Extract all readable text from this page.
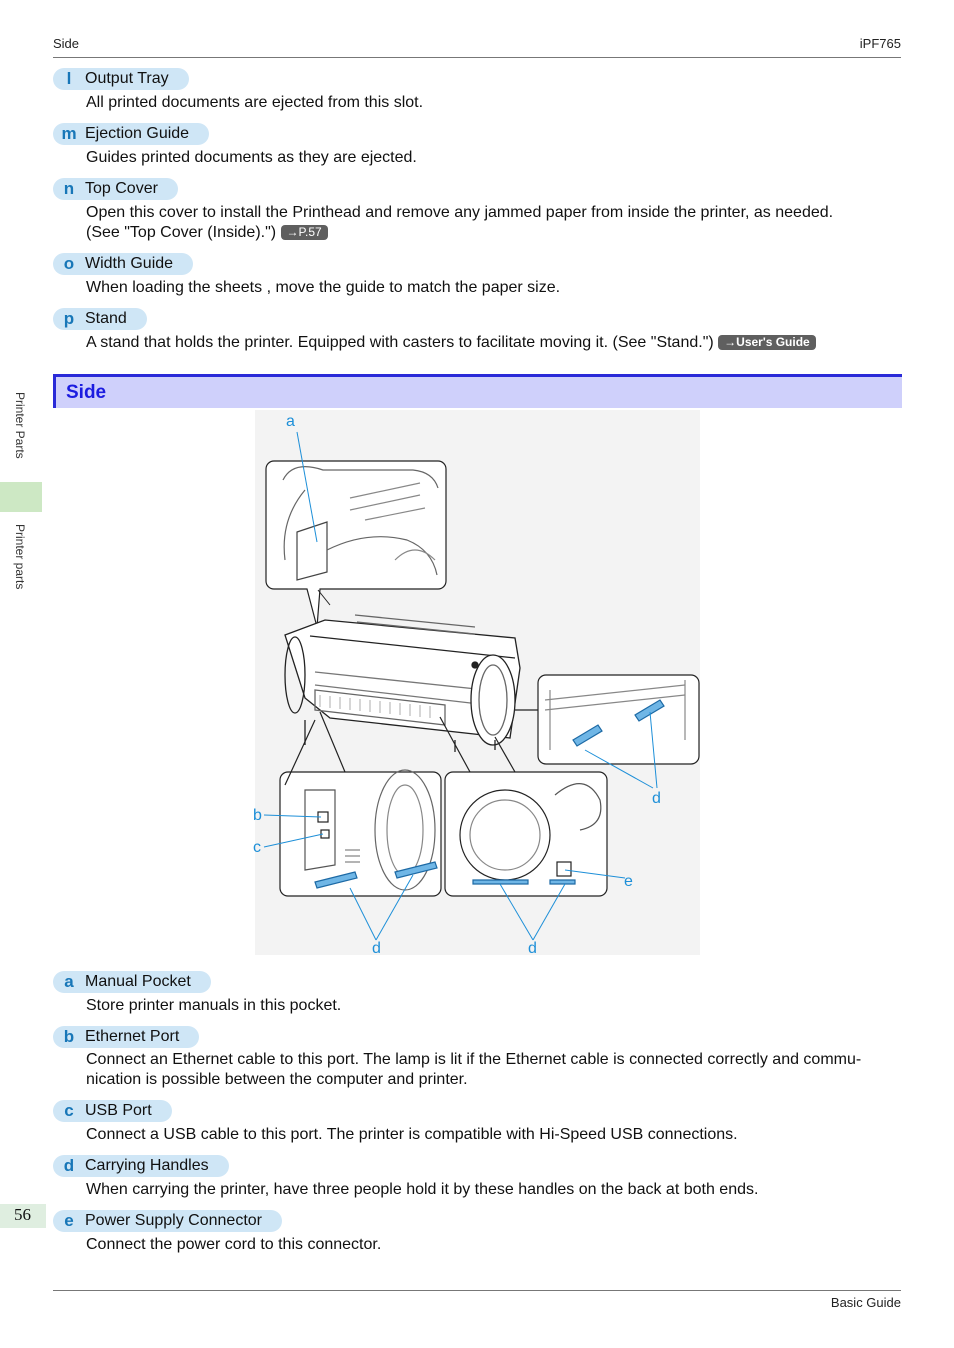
Side	iPF765
Printer Parts
Printer parts
l Output Tray
All printed documents are ejected from this slot.
m Ejection Guide
Guides printed documents as they are ejected.
n Top Cover
Open this cover to install the Printhead and remove any jammed paper from inside the printer, as needed.
(See "Top Cover (Inside).") →P.57
o Width Guide
When loading the sheets , move the guide to match the paper size.
p Stand
A stand that holds the printer. Equipped with casters to facilitate moving it. (See "Stand.") →User's Guide
Side
a
b
c
d
d	d
e
a Manual Pocket
Store printer manuals in this pocket.
b Ethernet Port
Connect an Ethernet cable to this port. The lamp is lit if the Ethernet cable is connected correctly and commu-
nication is possible between the computer and printer.
c USB Port
Connect a USB cable to this port. The printer is compatible with Hi-Speed USB connections.
d Carrying Handles
When carrying the printer, have three people hold it by these handles on the back at both ends.
e Power Supply Connector
Connect the power cord to this connector.
56
Basic Guide
